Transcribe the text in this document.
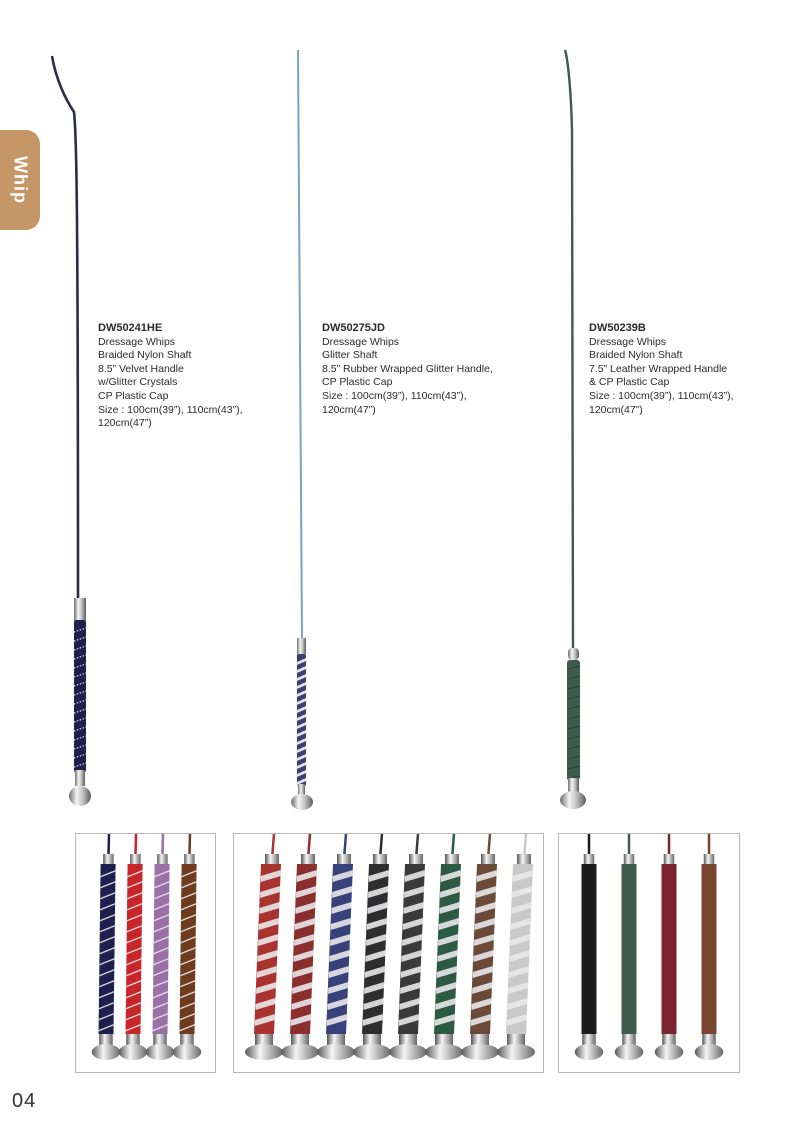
Whip
DW50241HE
Dressage Whips
Braided Nylon Shaft
8.5” Velvet Handle
w/Glitter Crystals
CP Plastic Cap
Size : 100cm(39”), 110cm(43”),
120cm(47”)
DW50275JD
Dressage Whips
Glitter Shaft
8.5” Rubber Wrapped Glitter Handle,
CP Plastic Cap
Size : 100cm(39”), 110cm(43”),
120cm(47”)
DW50239B
Dressage Whips
Braided Nylon Shaft
7.5” Leather Wrapped Handle
& CP Plastic Cap
Size : 100cm(39”), 110cm(43”),
120cm(47”)
04
